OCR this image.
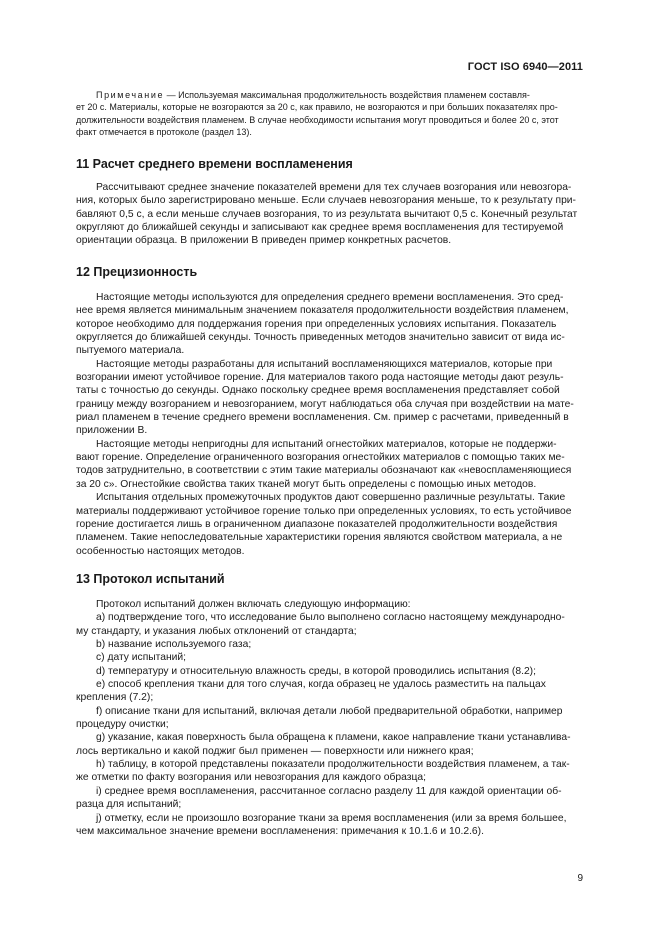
ГОСТ ISO 6940—2011

Примечание — Используемая максимальная продолжительность воздействия пламенем составля-

ет 20 с. Материалы, которые не возгораются за 20 с, как правило, не возгораются и при больших показателях про-

должительности воздействия пламенем. В случае необходимости испытания могут проводиться и более 20 с, этот

факт отмечается в протоколе (раздел 13).

11 Расчет среднего времени воспламенения

Рассчитывают среднее значение показателей времени для тех случаев возгорания или невозгора-

ния, которых было зарегистрировано меньше. Если случаев невозгорания меньше, то к результату при-

бавляют 0,5 с, а если меньше случаев возгорания, то из результата вычитают 0,5 с. Конечный результат

округляют до ближайшей секунды и записывают как среднее время воспламенения для тестируемой

ориентации образца. В приложении В приведен пример конкретных расчетов.

12 Прецизионность

Настоящие методы используются для определения среднего времени воспламенения. Это сред-

нее время является минимальным значением показателя продолжительности воздействия пламенем,

которое необходимо для поддержания горения при определенных условиях испытания. Показатель

округляется до ближайшей секунды. Точность приведенных методов значительно зависит от вида ис-

пытуемого материала.

Настоящие методы разработаны для испытаний воспламеняющихся материалов, которые при

возгорании имеют устойчивое горение. Для материалов такого рода настоящие методы дают резуль-

таты с точностью до секунды. Однако поскольку среднее время воспламенения представляет собой

границу между возгоранием и невозгоранием, могут наблюдаться оба случая при воздействии на мате-

риал пламенем в течение среднего времени воспламенения. См. пример с расчетами, приведенный в

приложении В.

Настоящие методы непригодны для испытаний огнестойких материалов, которые не поддержи-

вают горение. Определение ограниченного возгорания огнестойких материалов с помощью таких ме-

тодов затруднительно, в соответствии с этим такие материалы обозначают как «невоспламеняющиеся

за 20 с». Огнестойкие свойства таких тканей могут быть определены с помощью иных методов.

Испытания отдельных промежуточных продуктов дают совершенно различные результаты. Такие

материалы поддерживают устойчивое горение только при определенных условиях, то есть устойчивое

горение достигается лишь в ограниченном диапазоне показателей продолжительности воздействия

пламенем. Такие непоследовательные характеристики горения являются свойством материала, а не

особенностью настоящих методов.

13 Протокол испытаний

Протокол испытаний должен включать следующую информацию:

а) подтверждение того, что исследование было выполнено согласно настоящему международно-

му стандарту, и указания любых отклонений от стандарта;

b) название используемого газа;

с) дату испытаний;

d) температуру и относительную влажность среды, в которой проводились испытания (8.2);

е) способ крепления ткани для того случая, когда образец не удалось разместить на пальцах

крепления (7.2);

f) описание ткани для испытаний, включая детали любой предварительной обработки, например

процедуру очистки;

g) указание, какая поверхность была обращена к пламени, какое направление ткани устанавлива-

лось вертикально и какой поджиг был применен — поверхности или нижнего края;

h) таблицу, в которой представлены показатели продолжительности воздействия пламенем, а так-

же отметки по факту возгорания или невозгорания для каждого образца;

i) среднее время воспламенения, рассчитанное согласно разделу 11 для каждой ориентации об-

разца для испытаний;

j) отметку, если не произошло возгорание ткани за время воспламенения (или за время большее,

чем максимальное значение времени воспламенения: примечания к 10.1.6 и 10.2.6).

9
